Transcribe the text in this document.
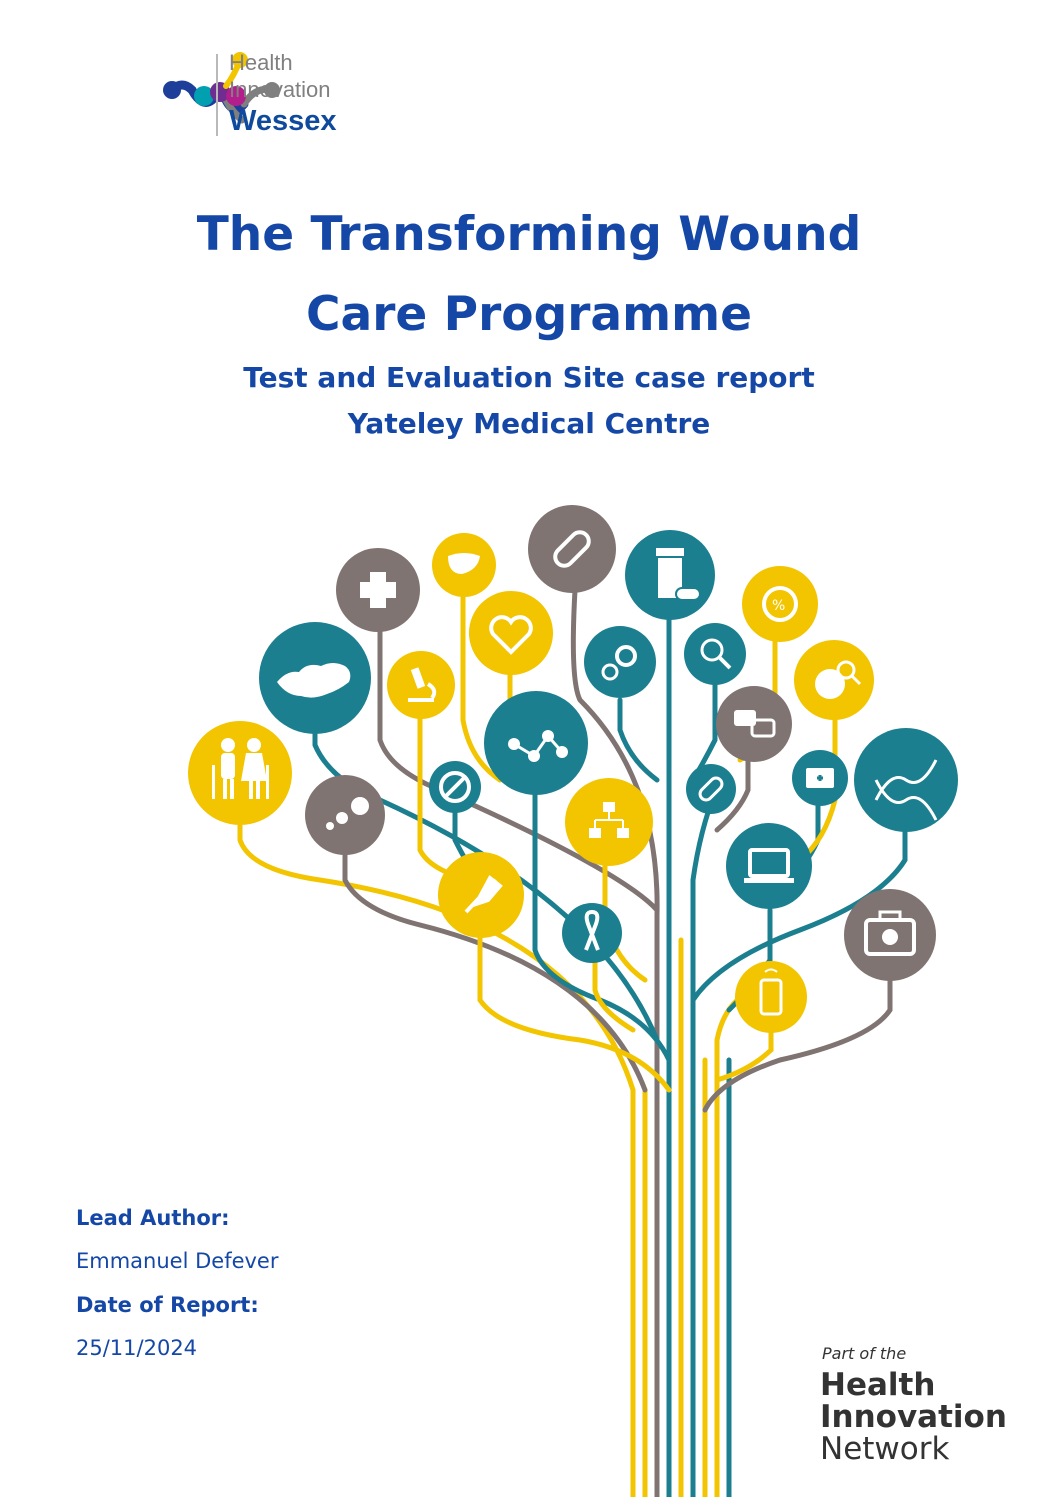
Health
Innovation
Wessex
The Transforming Wound
Care Programme
Test and Evaluation Site case report
Yateley Medical Centre
%
Lead Author:
Emmanuel Defever
Date of Report:
25/11/2024	Part of the
Health
Innovation
Network
